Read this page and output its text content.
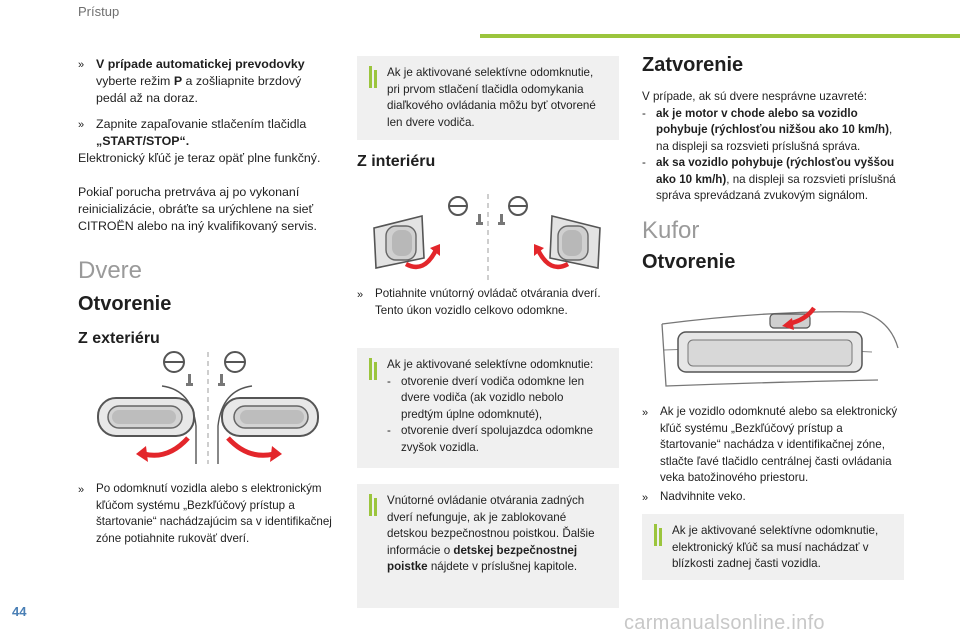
Prístup
» V prípade automatickej prevodovky vyberte režim P a zošliapnite brzdový pedál až na doraz.
» Zapnite zapaľovanie stlačením tlačidla
„START/STOP“.
Elektronický kľúč je teraz opäť plne funkčný.
Pokiaľ porucha pretrváva aj po vykonaní reinicializácie, obráťte sa urýchlene na sieť CITROËN alebo na iný kvalifikovaný servis.
Dvere
Otvorenie
Z exteriéru
»	Po odomknutí vozidla alebo s elektronickým kľúčom systému „Bezkľúčový prístup a štartovanie“ nachádzajúcim sa v identifikačnej zóne potiahnite rukoväť dverí.
Ak je aktivované selektívne odomknutie, pri prvom stlačení tlačidla odomykania diaľkového ovládania môžu byť otvorené len dvere vodiča.
Z interiéru
»	Potiahnite vnútorný ovládač otvárania dverí. Tento úkon vozidlo celkovo odomkne.
Ak je aktivované selektívne odomknutie:
- otvorenie dverí vodiča odomkne len dvere vodiča (ak vozidlo nebolo predtým úplne odomknuté),
- otvorenie dverí spolujazdca odomkne zvyšok vozidla.
Vnútorné ovládanie otvárania zadných dverí nefunguje, ak je zablokované detskou bezpečnostnou poistkou. Ďalšie informácie o detskej bezpečnostnej poistke nájdete v príslušnej kapitole.
Zatvorenie
V prípade, ak sú dvere nesprávne uzavreté:
- ak je motor v chode alebo sa vozidlo pohybuje (rýchlosťou nižšou ako 10 km/h), na displeji sa rozsvieti príslušná správa.
- ak sa vozidlo pohybuje (rýchlosťou vyššou ako 10 km/h), na displeji sa rozsvieti príslušná správa sprevádzaná zvukovým signálom.
Kufor
Otvorenie
»	Ak je vozidlo odomknuté alebo sa elektronický kľúč systému „Bezkľúčový prístup a štartovanie“ nachádza v identifikačnej zóne, stlačte ľavé tlačidlo centrálnej časti ovládania veka batožinového priestoru.
»	Nadvihnite veko.
Ak je aktivované selektívne odomknutie, elektronický kľúč sa musí nachádzať v blízkosti zadnej časti vozidla.
44
carmanualsonline.info
